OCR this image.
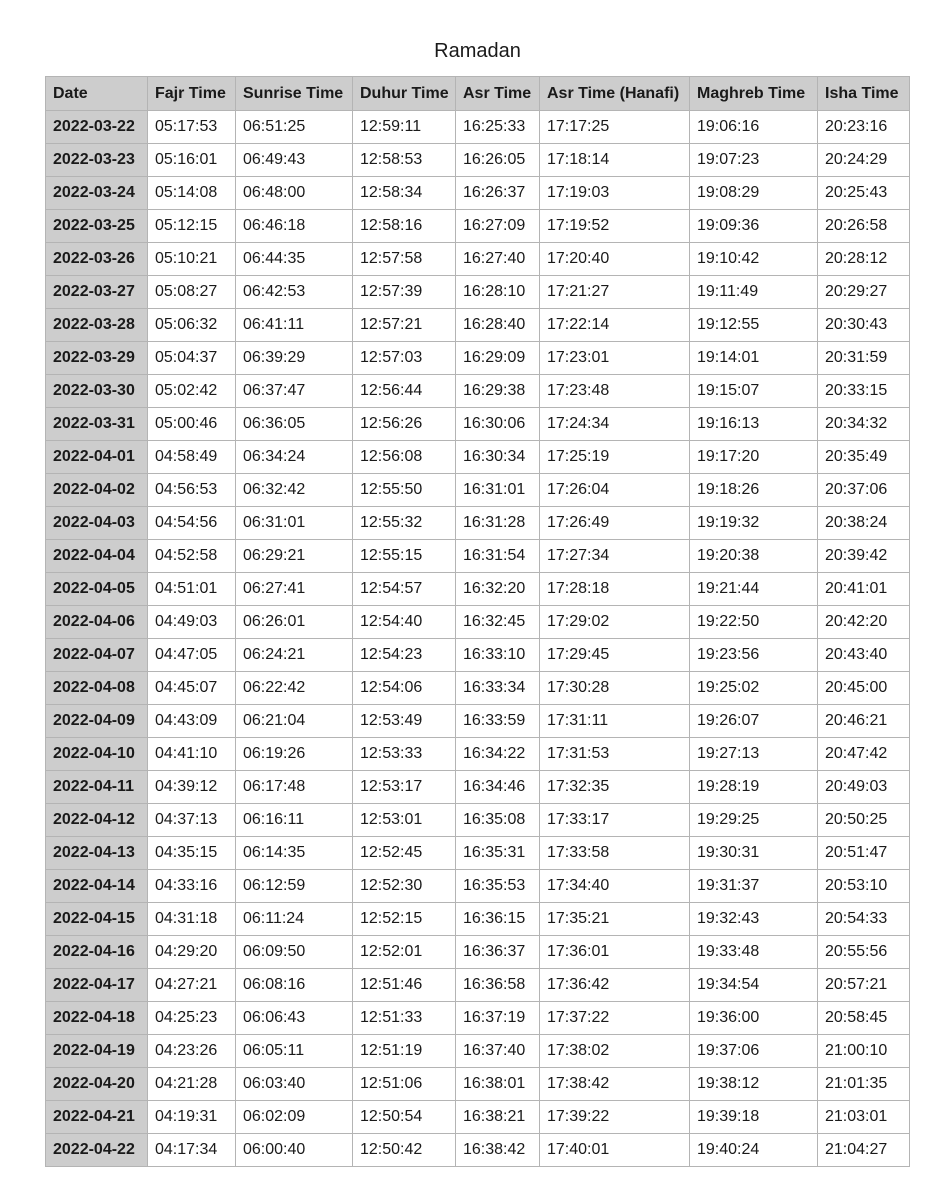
Ramadan
Date	Fajr Time	Sunrise Time	Duhur Time	Asr Time	Asr Time (Hanafi)	Maghreb Time	Isha Time
2022-03-22	05:17:53	06:51:25	12:59:11	16:25:33	17:17:25	19:06:16	20:23:16
2022-03-23	05:16:01	06:49:43	12:58:53	16:26:05	17:18:14	19:07:23	20:24:29
2022-03-24	05:14:08	06:48:00	12:58:34	16:26:37	17:19:03	19:08:29	20:25:43
2022-03-25	05:12:15	06:46:18	12:58:16	16:27:09	17:19:52	19:09:36	20:26:58
2022-03-26	05:10:21	06:44:35	12:57:58	16:27:40	17:20:40	19:10:42	20:28:12
2022-03-27	05:08:27	06:42:53	12:57:39	16:28:10	17:21:27	19:11:49	20:29:27
2022-03-28	05:06:32	06:41:11	12:57:21	16:28:40	17:22:14	19:12:55	20:30:43
2022-03-29	05:04:37	06:39:29	12:57:03	16:29:09	17:23:01	19:14:01	20:31:59
2022-03-30	05:02:42	06:37:47	12:56:44	16:29:38	17:23:48	19:15:07	20:33:15
2022-03-31	05:00:46	06:36:05	12:56:26	16:30:06	17:24:34	19:16:13	20:34:32
2022-04-01	04:58:49	06:34:24	12:56:08	16:30:34	17:25:19	19:17:20	20:35:49
2022-04-02	04:56:53	06:32:42	12:55:50	16:31:01	17:26:04	19:18:26	20:37:06
2022-04-03	04:54:56	06:31:01	12:55:32	16:31:28	17:26:49	19:19:32	20:38:24
2022-04-04	04:52:58	06:29:21	12:55:15	16:31:54	17:27:34	19:20:38	20:39:42
2022-04-05	04:51:01	06:27:41	12:54:57	16:32:20	17:28:18	19:21:44	20:41:01
2022-04-06	04:49:03	06:26:01	12:54:40	16:32:45	17:29:02	19:22:50	20:42:20
2022-04-07	04:47:05	06:24:21	12:54:23	16:33:10	17:29:45	19:23:56	20:43:40
2022-04-08	04:45:07	06:22:42	12:54:06	16:33:34	17:30:28	19:25:02	20:45:00
2022-04-09	04:43:09	06:21:04	12:53:49	16:33:59	17:31:11	19:26:07	20:46:21
2022-04-10	04:41:10	06:19:26	12:53:33	16:34:22	17:31:53	19:27:13	20:47:42
2022-04-11	04:39:12	06:17:48	12:53:17	16:34:46	17:32:35	19:28:19	20:49:03
2022-04-12	04:37:13	06:16:11	12:53:01	16:35:08	17:33:17	19:29:25	20:50:25
2022-04-13	04:35:15	06:14:35	12:52:45	16:35:31	17:33:58	19:30:31	20:51:47
2022-04-14	04:33:16	06:12:59	12:52:30	16:35:53	17:34:40	19:31:37	20:53:10
2022-04-15	04:31:18	06:11:24	12:52:15	16:36:15	17:35:21	19:32:43	20:54:33
2022-04-16	04:29:20	06:09:50	12:52:01	16:36:37	17:36:01	19:33:48	20:55:56
2022-04-17	04:27:21	06:08:16	12:51:46	16:36:58	17:36:42	19:34:54	20:57:21
2022-04-18	04:25:23	06:06:43	12:51:33	16:37:19	17:37:22	19:36:00	20:58:45
2022-04-19	04:23:26	06:05:11	12:51:19	16:37:40	17:38:02	19:37:06	21:00:10
2022-04-20	04:21:28	06:03:40	12:51:06	16:38:01	17:38:42	19:38:12	21:01:35
2022-04-21	04:19:31	06:02:09	12:50:54	16:38:21	17:39:22	19:39:18	21:03:01
2022-04-22	04:17:34	06:00:40	12:50:42	16:38:42	17:40:01	19:40:24	21:04:27
